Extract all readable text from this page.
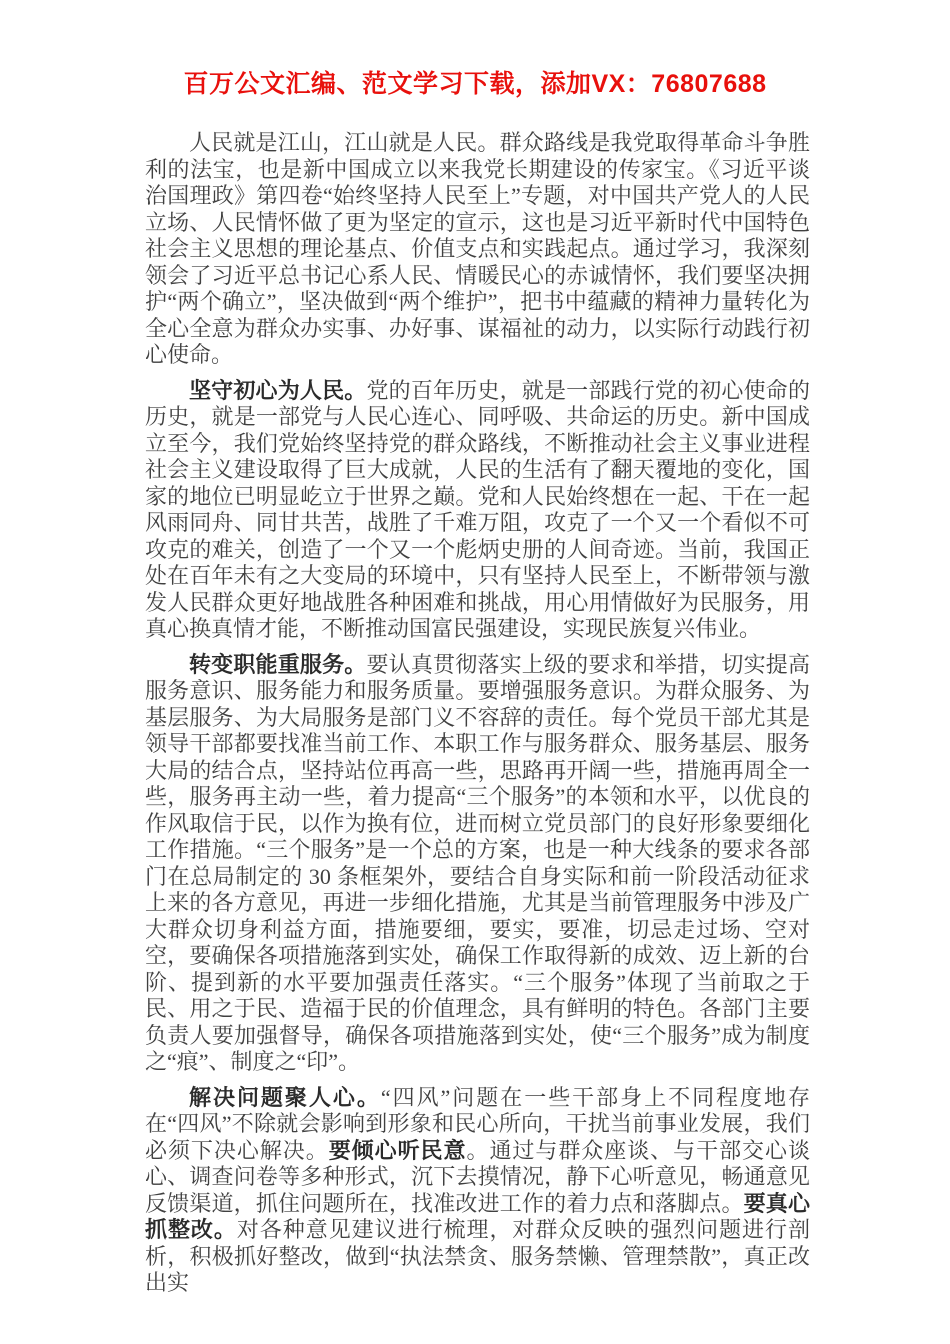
百万公文汇编、范文学习下载，添加VX：76807688

人民就是江山，江山就是人民。群众路线是我党取得革命斗争胜利的法宝，也是新中国成立以来我党长期建设的传家宝。《习近平谈治国理政》第四卷“始终坚持人民至上”专题，对中国共产党人的人民立场、人民情怀做了更为坚定的宣示，这也是习近平新时代中国特色社会主义思想的理论基点、价值支点和实践起点。通过学习，我深刻领会了习近平总书记心系人民、情暖民心的赤诚情怀，我们要坚决拥护“两个确立”，坚决做到“两个维护”，把书中蕴藏的精神力量转化为全心全意为群众办实事、办好事、谋福祉的动力，以实际行动践行初心使命。

坚守初心为人民。党的百年历史，就是一部践行党的初心使命的历史，就是一部党与人民心连心、同呼吸、共命运的历史。新中国成立至今，我们党始终坚持党的群众路线，不断推动社会主义事业进程社会主义建设取得了巨大成就，人民的生活有了翻天覆地的变化，国家的地位已明显屹立于世界之巅。党和人民始终想在一起、干在一起风雨同舟、同甘共苦，战胜了千难万阻，攻克了一个又一个看似不可攻克的难关，创造了一个又一个彪炳史册的人间奇迹。当前，我国正处在百年未有之大变局的环境中，只有坚持人民至上，不断带领与激发人民群众更好地战胜各种困难和挑战，用心用情做好为民服务，用真心换真情才能，不断推动国富民强建设，实现民族复兴伟业。

转变职能重服务。要认真贯彻落实上级的要求和举措，切实提高服务意识、服务能力和服务质量。要增强服务意识。为群众服务、为基层服务、为大局服务是部门义不容辞的责任。每个党员干部尤其是领导干部都要找准当前工作、本职工作与服务群众、服务基层、服务大局的结合点，坚持站位再高一些，思路再开阔一些，措施再周全一些，服务再主动一些，着力提高“三个服务”的本领和水平，以优良的作风取信于民，以作为换有位，进而树立党员部门的良好形象要细化工作措施。“三个服务”是一个总的方案，也是一种大线条的要求各部门在总局制定的 30 条框架外，要结合自身实际和前一阶段活动征求上来的各方意见，再进一步细化措施，尤其是当前管理服务中涉及广大群众切身利益方面，措施要细，要实，要准，切忌走过场、空对空，要确保各项措施落到实处，确保工作取得新的成效、迈上新的台阶、提到新的水平要加强责任落实。“三个服务”体现了当前取之于民、用之于民、造福于民的价值理念，具有鲜明的特色。各部门主要负责人要加强督导，确保各项措施落到实处，使“三个服务”成为制度之“痕”、制度之“印”。

解决问题聚人心。“四风”问题在一些干部身上不同程度地存在“四风”不除就会影响到形象和民心所向，干扰当前事业发展，我们必须下决心解决。要倾心听民意。通过与群众座谈、与干部交心谈心、调查问卷等多种形式，沉下去摸情况，静下心听意见，畅通意见反馈渠道，抓住问题所在，找准改进工作的着力点和落脚点。要真心抓整改。对各种意见建议进行梳理，对群众反映的强烈问题进行剖析，积极抓好整改，做到“执法禁贪、服务禁懒、管理禁散”，真正改出实
